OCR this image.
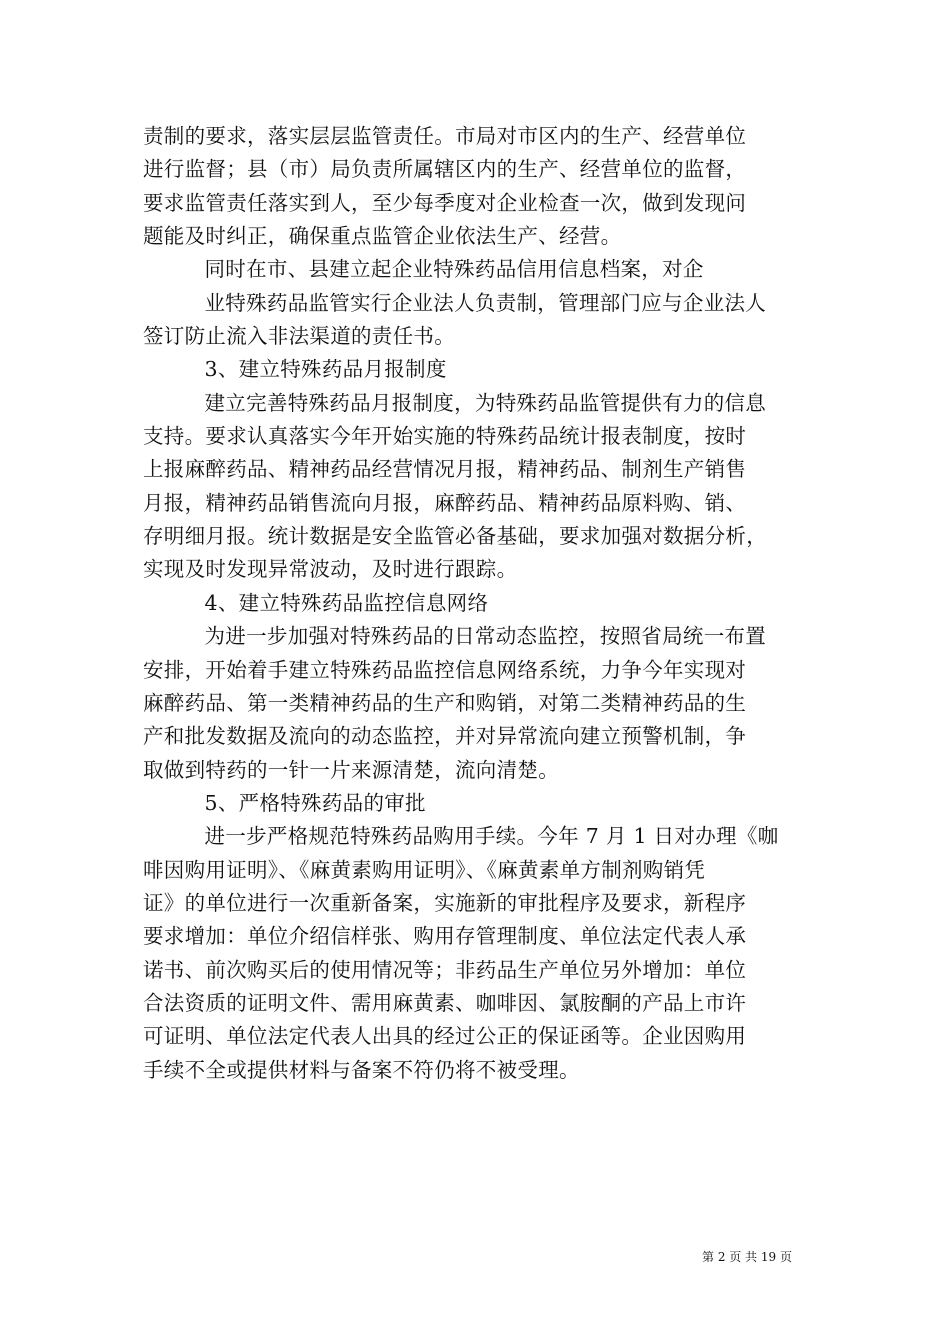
责制的要求，落实层层监管责任。市局对市区内的生产、经营单位
进行监督；县（市）局负责所属辖区内的生产、经营单位的监督，
要求监管责任落实到人，至少每季度对企业检查一次，做到发现问
题能及时纠正，确保重点监管企业依法生产、经营。
同时在市、县建立起企业特殊药品信用信息档案，对企
业特殊药品监管实行企业法人负责制，管理部门应与企业法人
签订防止流入非法渠道的责任书。
3、建立特殊药品月报制度
建立完善特殊药品月报制度，为特殊药品监管提供有力的信息
支持。要求认真落实今年开始实施的特殊药品统计报表制度，按时
上报麻醉药品、精神药品经营情况月报，精神药品、制剂生产销售
月报，精神药品销售流向月报，麻醉药品、精神药品原料购、销、
存明细月报。统计数据是安全监管必备基础，要求加强对数据分析，
实现及时发现异常波动，及时进行跟踪。
4、建立特殊药品监控信息网络
为进一步加强对特殊药品的日常动态监控，按照省局统一布置
安排，开始着手建立特殊药品监控信息网络系统，力争今年实现对
麻醉药品、第一类精神药品的生产和购销，对第二类精神药品的生
产和批发数据及流向的动态监控，并对异常流向建立预警机制，争
取做到特药的一针一片来源清楚，流向清楚。
5、严格特殊药品的审批
进一步严格规范特殊药品购用手续。今年 7 月 1 日对办理《咖
啡因购用证明》、《麻黄素购用证明》、《麻黄素单方制剂购销凭
证》的单位进行一次重新备案，实施新的审批程序及要求，新程序
要求增加：单位介绍信样张、购用存管理制度、单位法定代表人承
诺书、前次购买后的使用情况等；非药品生产单位另外增加：单位
合法资质的证明文件、需用麻黄素、咖啡因、氯胺酮的产品上市许
可证明、单位法定代表人出具的经过公正的保证函等。企业因购用
手续不全或提供材料与备案不符仍将不被受理。
第 2 页 共 19 页
